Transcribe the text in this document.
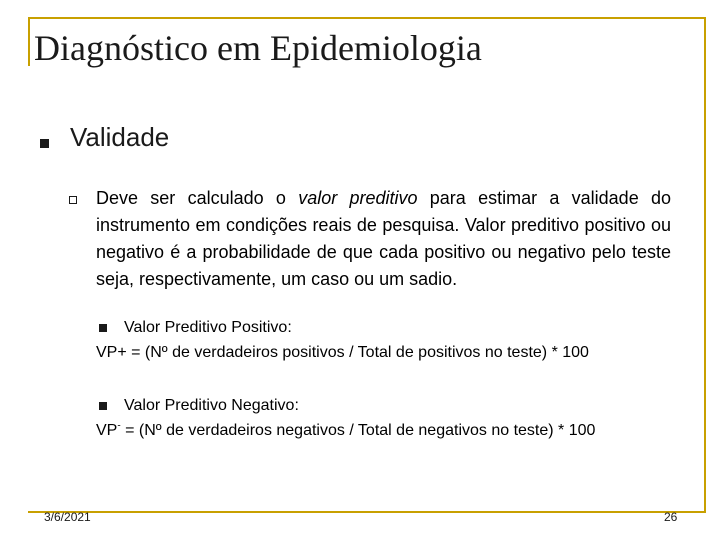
Diagnóstico em Epidemiologia
Validade
Deve ser calculado o valor preditivo para estimar a validade do instrumento em condições reais de pesquisa. Valor preditivo positivo ou negativo é a probabilidade de que cada positivo ou negativo pelo teste seja, respectivamente, um caso ou um sadio.
Valor Preditivo Positivo:
VP+ = (Nº de verdadeiros positivos / Total de positivos no teste) * 100
Valor Preditivo Negativo:
VP- = (Nº de verdadeiros negativos / Total de negativos no teste) * 100
3/6/2021	26
